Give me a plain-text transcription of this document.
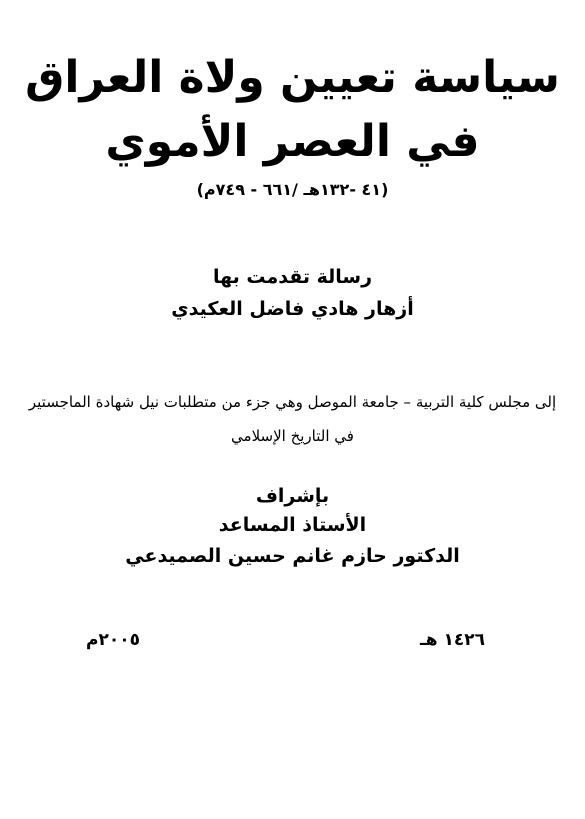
سياسة تعيين ولاة العراق
في العصر الأموي
(٤١ -١٣٢هـ /٦٦١ - ٧٤٩م)
رسالة تقدمت بها
أزهار هادي فاضل العكيدي
إلى مجلس كلية التربية – جامعة الموصل وهي جزء من متطلبات نيل شهادة الماجستير
في التاريخ الإسلامي
بإشراف
الأستاذ المساعد
الدكتور حازم غانم حسين الصميدعي
١٤٢٦ هـ
٢٠٠٥م
